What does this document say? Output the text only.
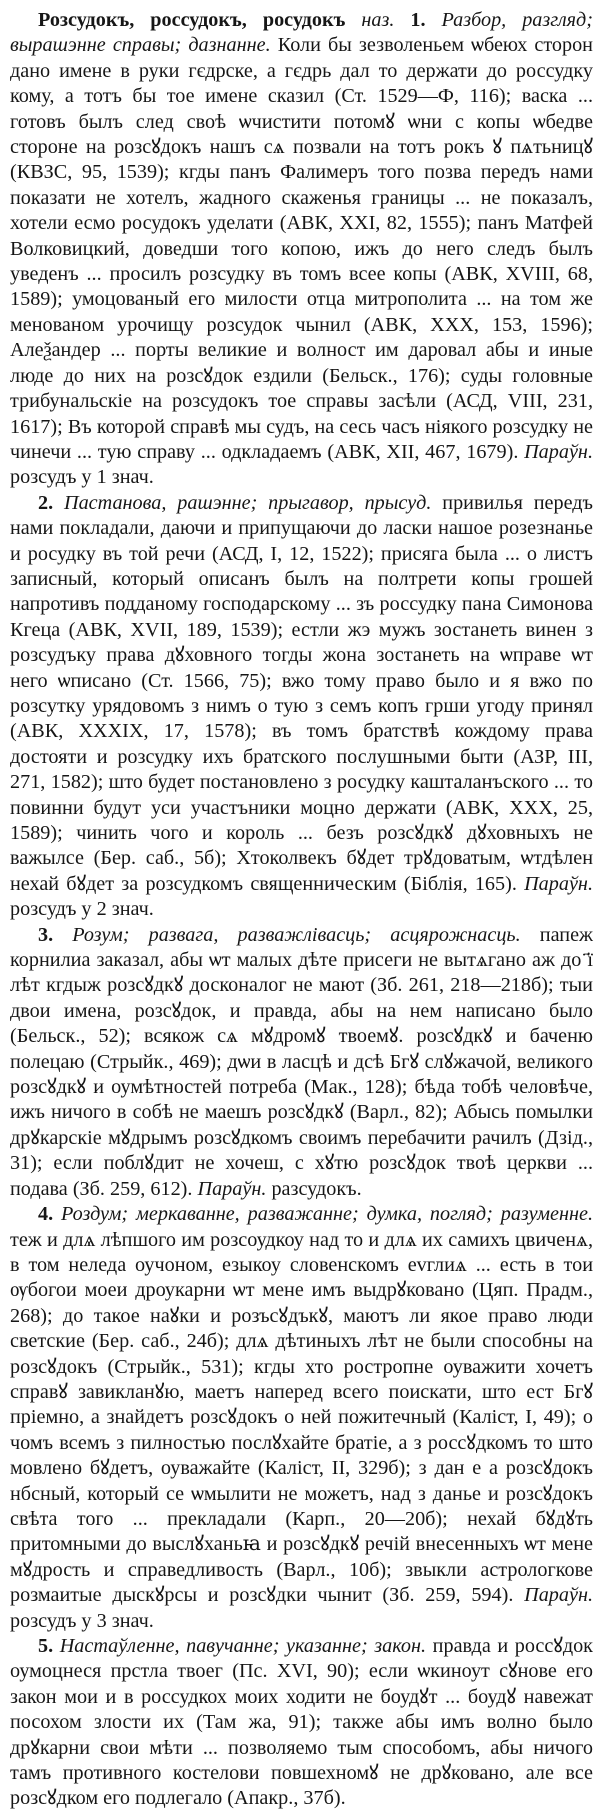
Розсудокъ, россудокъ, росудокъ наз. 1. Разбор, разгляд; вырашэнне справы; дазнанне. Коли бы зезволеньем ѡбеюх сторон дано имене в руки гєдрске, а гєдрь дал то держати до россудку кому, а тотъ бы тое имене сказил (Ст. 1529—Ф, 116); васка ... готовъ былъ след своѣ ѡчистити потомꙋ ѡни с копы ѡбедве стороне на розсꙋдокъ нашъ сѧ позвали на тотъ рокъ ꙋ пѧтьницꙋ (КВЗС, 95, 1539); кгды панъ Фалимеръ того позва передъ нами показати не хотелъ, жадного скаженья границы ... не показалъ, хотели есмо росудокъ уделати (АВК, XXI, 82, 1555); панъ Матфей Волковицкий, доведши того копою, ижъ до него следъ былъ уведенъ ... просилъ розсудку въ томъ всее копы (АВК, XVIII, 68, 1589); умоцованый его милости отца митрополита ... на том же менованом урочищу розсудок чынил (АВК, XXX, 153, 1596); Алеѯандер ... порты великие и волност им даровал абы и иные люде до них на розсꙋдок ездили (Бельск., 176); суды головные трибунальскіе на розсудокъ тое справы засѣли (АСД, VIII, 231, 1617); Въ которой справѣ мы судъ, на сесь часъ ніякого розсудку не чинечи ... тую справу ... одкладаемъ (АВК, XII, 467, 1679). Параўн. розсудъ у 1 знач.

2. Пастанова, рашэнне; прыгавор, прысуд. привилья передъ нами покладали, даючи и припущаючи до ласки нашое розезнанье и росудку въ той речи (АСД, I, 12, 1522); присяга была ... о листъ записный, который описанъ былъ на полтрети копы грошей напротивъ подданому господарскому ... зъ россудку пана Симонова Кгеца (АВК, XVII, 189, 1539); естли жэ мужъ зостанеть винен з розсудъку права дꙋховного тогды жона зостанеть на ѡправе ѡт него ѡписано (Ст. 1566, 75); вжо тому право было и я вжо по розсутку урядовомъ з нимъ о тую з семъ копъ грши угоду принял (АВК, XXXIX, 17, 1578); въ томъ братствѣ кождому права достояти и розсудку ихъ братского послушными быти (АЗР, III, 271, 1582); што будет постановлено з росудку кашталанъского ... то повинни будут уси участъники моцно держати (АВК, XXX, 25, 1589); чинить чого и король ... безъ розсꙋдкꙋ дꙋховныхъ не важылсе (Бер. саб., 5б); Хтоколвекъ бꙋдет трꙋдоватым, ѡтдѣлен нехай бꙋдет за розсудкомъ священническим (Біблія, 165). Параўн. розсудъ у 2 знач.

3. Розум; развага, разважлівасць; асцярожнасць. папеж корнилиа заказал, абы ѡт малых дѣте присеги не вытѧгано аж до ҃ї лѣт кгдыж розсꙋдкꙋ досконалог не мают (Зб. 261, 218—218б); тыи двои имена, розсꙋдок, и правда, абы на нем написано было (Бельск., 52); всякож сѧ мꙋдромꙋ твоемꙋ. розсꙋдкꙋ и баченю полецаю (Стрыйк., 469); дѡи в ласцѣ и дсѣ Бгꙋ слꙋжачой, великого розсꙋдкꙋ и оумѣтностей потреба (Мак., 128); бѣда тобѣ человѣче, ижъ ничого в собѣ не маешъ розсꙋдкꙋ (Варл., 82); Абысь помылки дрꙋкарскіе мꙋдрымъ розсꙋдкомъ своимъ перебачити рачилъ (Дзід., 31); если поблꙋдит не хочеш, с хꙋтю розсꙋдок твоѣ церкви ... подава (Зб. 259, 612). Параўн. разсудокъ.

4. Роздум; меркаванне, разважанне; думка, погляд; разуменне. теж и длѧ лѣпшого им розсоудкоу над то и длѧ их самихъ цвиченѧ, в том неледа оучоном, езыкоу словенскомъ еvглиѧ ... есть в тои ѹбогои моеи дроукарни ѡт мене имъ выдрꙋковано (Цяп. Прадм., 268); до такое наꙋки и розъсꙋдъкꙋ, маютъ ли якое право люди светские (Бер. саб., 24б); длѧ дѣтиныхъ лѣт не были способны на розсꙋдокъ (Стрыйк., 531); кгды хто ростропне оуважити хочетъ справꙋ завикланꙋю, маетъ наперед всего поискати, што ест Бгꙋ пріемно, а знайдетъ розсꙋдокъ о ней пожитечный (Каліст, I, 49); о чомъ всемъ з пилностью послꙋхайте братіе, а з россꙋдкомъ то што мовлено бꙋдетъ, оуважайте (Каліст, II, 329б); з дан е а розсꙋдокъ нбсный, который се ѡмылити не можетъ, над з данье и розсꙋдокъ свѣта того ... прекладали (Карп., 20—20б); нехай бꙋдꙋть притомными до выслꙋханьꙗ и розсꙋдкꙋ речій внесенныхъ ѡт мене мꙋдрость и справедливость (Варл., 10б); звыкли астрологкове розмаитые дыскꙋрсы и розсꙋдки чынит (Зб. 259, 594). Параўн. розсудъ у 3 знач.

5. Настаўленне, павучанне; указанне; закон. правда и россꙋдок оумоцнеся прстла твоег (Пс. XVI, 90); если ѡкиноут сꙋнове его закон мои и в россудкох моих ходити не боудꙋт ... боудꙋ навежат посохом злости их (Там жа, 91); также абы имъ волно было дрꙋкарни свои мѣти ... позволяемо тым способомъ, абы ничого тамъ противного костелови повшехномꙋ не дрꙋковано, але все розсꙋдком его подлегало (Апакр., 37б).
